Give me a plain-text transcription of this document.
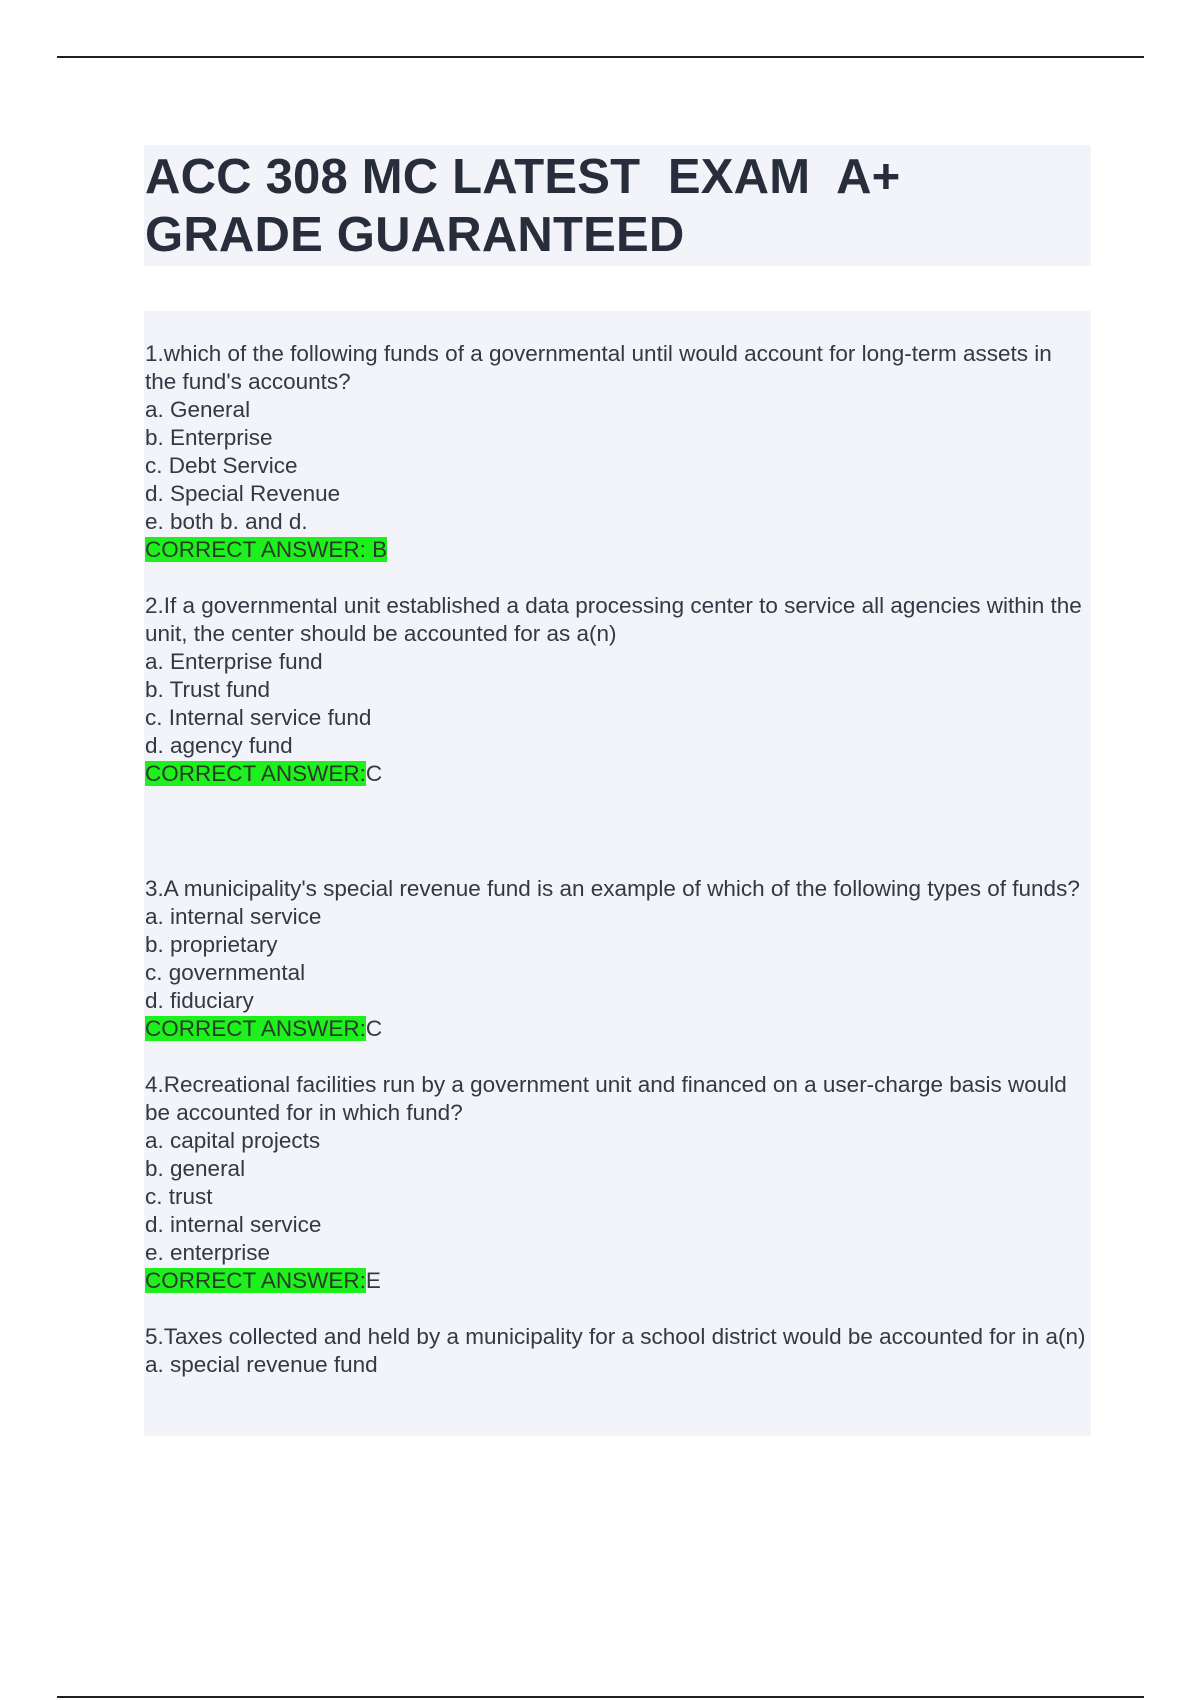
ACC 308 MC LATEST  EXAM  A+ GRADE GUARANTEED
1.which of the following funds of a governmental until would account for long-term assets in the fund's accounts?
a. General
b. Enterprise
c. Debt Service
d. Special Revenue
e. both b. and d.
CORRECT ANSWER: B
2.If a governmental unit established a data processing center to service all agencies within the unit, the center should be accounted for as a(n)
a. Enterprise fund
b. Trust fund
c. Internal service fund
d. agency fund
CORRECT ANSWER:C
3.A municipality's special revenue fund is an example of which of the following types of funds?
a. internal service
b. proprietary
c. governmental
d. fiduciary
CORRECT ANSWER:C
4.Recreational facilities run by a government unit and financed on a user-charge basis would be accounted for in which fund?
a. capital projects
b. general
c. trust
d. internal service
e. enterprise
CORRECT ANSWER:E
5.Taxes collected and held by a municipality for a school district would be accounted for in a(n)
a. special revenue fund
